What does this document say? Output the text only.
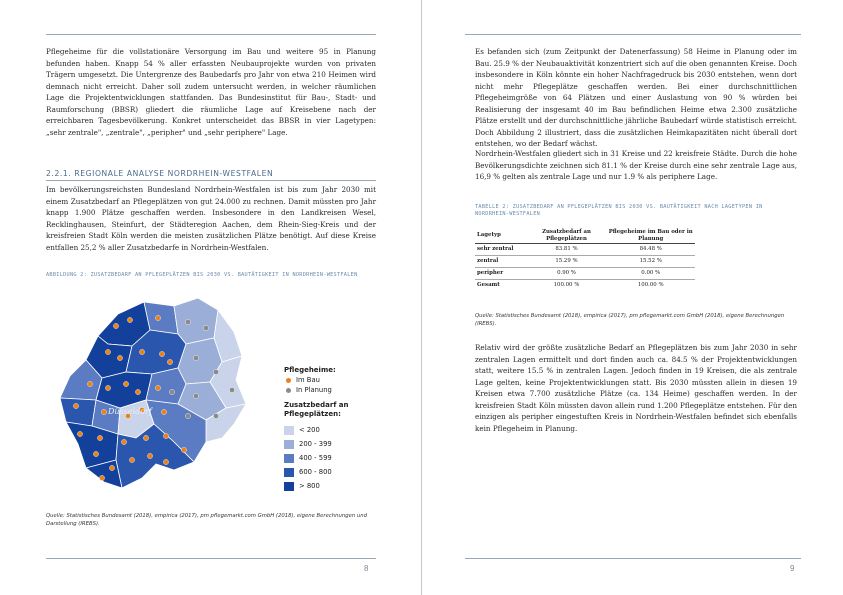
Pflegeheime für die vollstationäre Versorgung im Bau und weitere 95 in Planung befunden haben. Knapp 54 % aller erfassten Neubauprojekte wurden von privaten Trägern umgesetzt. Die Untergrenze des Baubedarfs pro Jahr von etwa 210 Heimen wird demnach nicht erreicht. Daher soll zudem untersucht werden, in welcher räumlichen Lage die Projektentwicklungen stattfanden. Das Bundesinstitut für Bau-, Stadt- und Raumforschung (BBSR) gliedert die räumliche Lage auf Kreisebene nach der erreichbaren Tagesbevölkerung. Konkret unterscheidet das BBSR in vier Lagetypen: „sehr zentrale", „zentrale", „peripher" und „sehr periphere" Lage.

2.2.1. REGIONALE ANALYSE NORDRHEIN-WESTFALEN

Im bevölkerungsreichsten Bundesland Nordrhein-Westfalen ist bis zum Jahr 2030 mit einem Zusatzbedarf an Pflegeplätzen von gut 24.000 zu rechnen. Damit müssten pro Jahr knapp 1.900 Plätze geschaffen werden. Insbesondere in den Landkreisen Wesel, Recklinghausen, Steinfurt, der Städteregion Aachen, dem Rhein-Sieg-Kreis und der kreisfreien Stadt Köln werden die meisten zusätzlichen Plätze benötigt. Auf diese Kreise entfallen 25,2 % aller Zusatzbedarfe in Nordrhein-Westfalen.

ABBILDUNG 2: ZUSATZBEDARF AN PFLEGEPLÄTZEN BIS 2030 VS. BAUTÄTIGKEIT IN NORDRHEIN-WESTFALEN
Düsseldorf
Pflegeheime:
Im Bau
In Planung
Zusatzbedarf an
Pflegeplätzen:
< 200
200 - 399
400 - 599
600 - 800
> 800
Quelle: Statistisches Bundesamt (2018), empirica (2017), pm pflegemarkt.com GmbH (2018), eigene Berechnungen und Darstellung (IREBS).
8

Es befanden sich (zum Zeitpunkt der Datenerfassung) 58 Heime in Planung oder im Bau. 25.9 % der Neubauaktivität konzentriert sich auf die oben genannten Kreise. Doch insbesondere in Köln könnte ein hoher Nachfragedruck bis 2030 entstehen, wenn dort nicht mehr Pflegeplätze geschaffen werden. Bei einer durchschnittlichen Pflegeheimgröße von 64 Plätzen und einer Auslastung von 90 % würden bei Realisierung der insgesamt 40 im Bau befindlichen Heime etwa 2.300 zusätzliche Plätze erstellt und der durchschnittliche jährliche Baubedarf würde statistisch erreicht. Doch Abbildung 2 illustriert, dass die zusätzlichen Heimkapazitäten nicht überall dort entstehen, wo der Bedarf wächst.

Nordrhein-Westfalen gliedert sich in 31 Kreise und 22 kreisfreie Städte. Durch die hohe Bevölkerungsdichte zeichnen sich 81.1 % der Kreise durch eine sehr zentrale Lage aus, 16,9 % gelten als zentrale Lage und nur 1.9 % als periphere Lage.

TABELLE 2: ZUSATZBEDARF AN PFLEGEPLÄTZEN BIS 2030 VS. BAUTÄTIGKEIT NACH LAGETYPEN IN NORDRHEIN-WESTFALEN
Lagetyp	Zusatzbedarf an Pflegeplätzen	Pflegeheime im Bau oder in Planung
sehr zentral	83.81 %	84.48 %
zentral	15.29 %	15.52 %
peripher	0.90 %	0.00 %
Gesamt	100.00 %	100.00 %
Quelle: Statistisches Bundesamt (2018), empirica (2017), pm pflegemarkt.com GmbH (2018), eigene Berechnungen (IREBS).

Relativ wird der größte zusätzliche Bedarf an Pflegeplätzen bis zum Jahr 2030 in sehr zentralen Lagen ermittelt und dort finden auch ca. 84.5 % der Projektentwicklungen statt, weitere 15.5 % in zentralen Lagen. Jedoch finden in 19 Kreisen, die als zentrale Lage gelten, keine Projektentwicklungen statt. Bis 2030 müssten allein in diesen 19 Kreisen etwa 7.700 zusätzliche Plätze (ca. 134 Heime) geschaffen werden. In der kreisfreien Stadt Köln müssten davon allein rund 1.200 Pflegeplätze entstehen. Für den einzigen als peripher eingestuften Kreis in Nordrhein-Westfalen befindet sich ebenfalls kein Pflegeheim in Planung.

9
